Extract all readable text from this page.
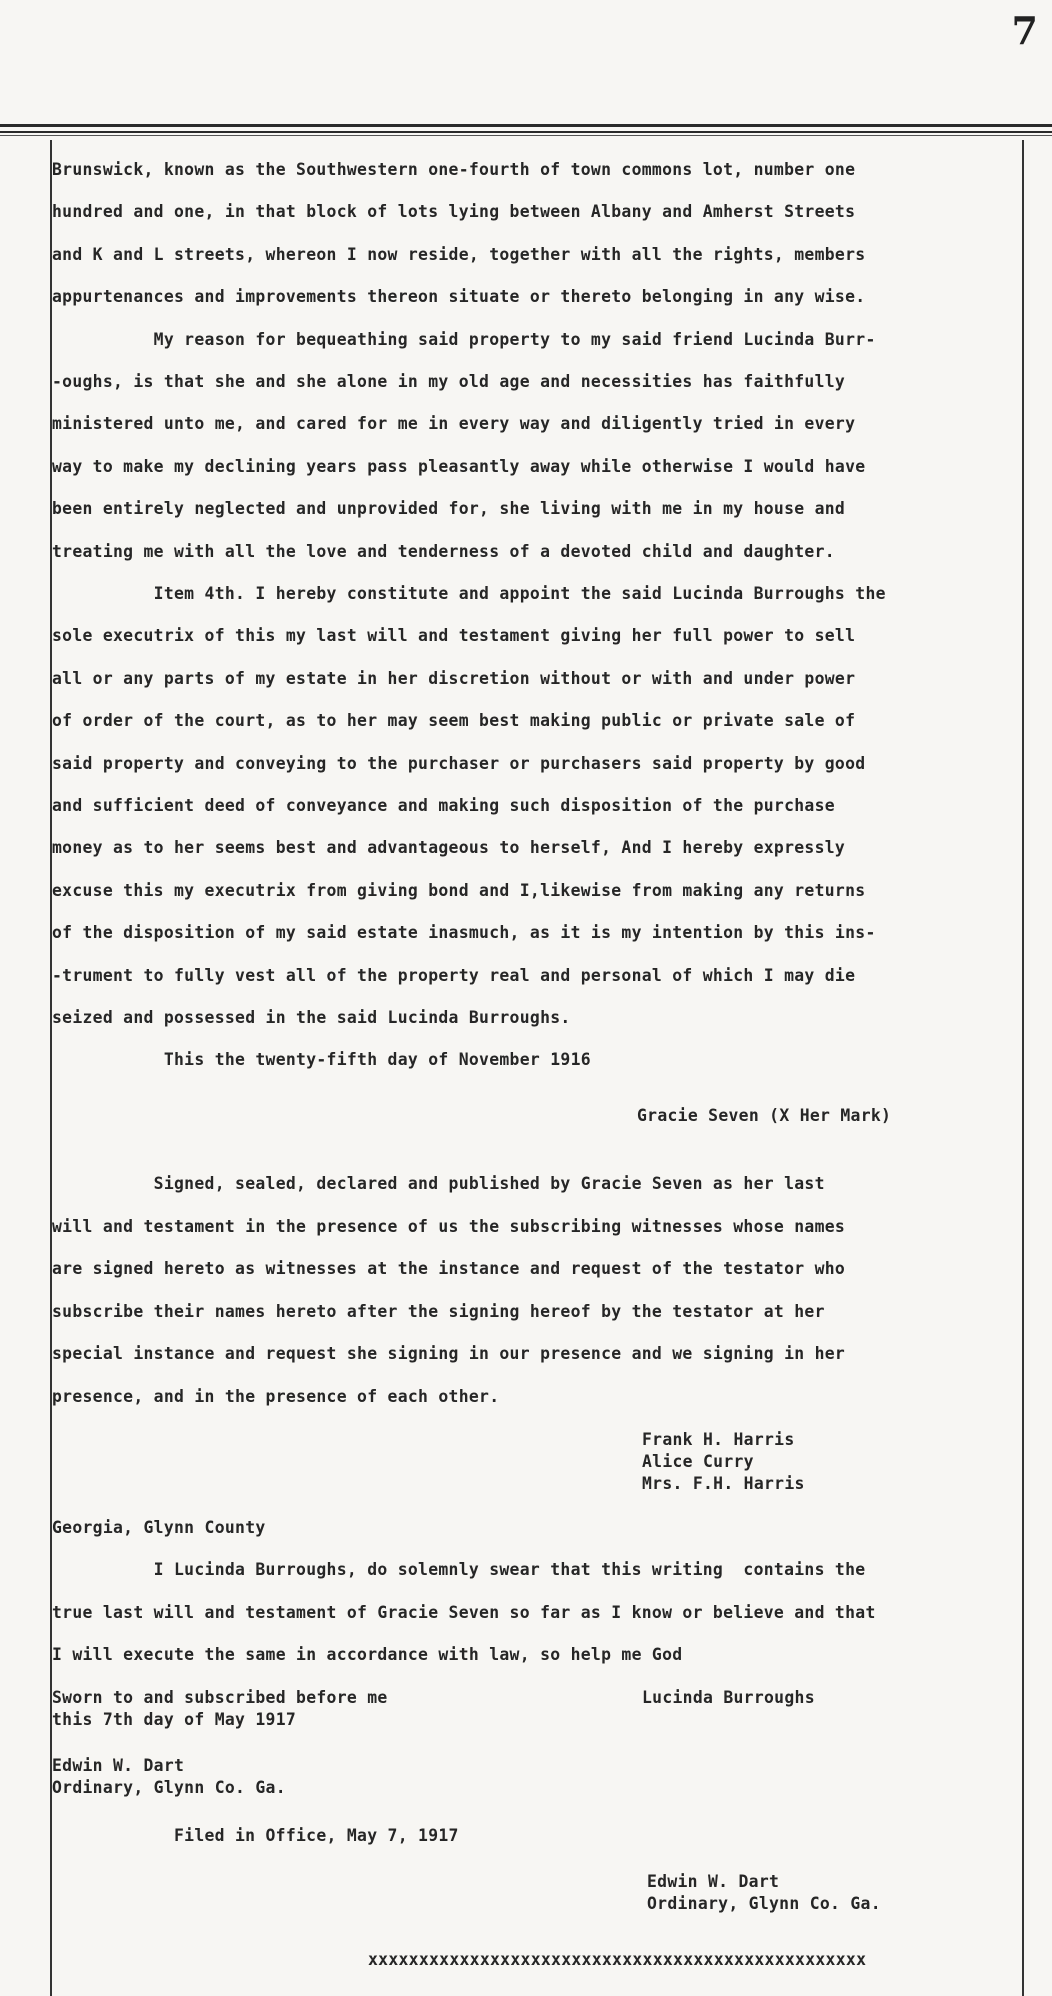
7
Brunswick, known as the Southwestern one-fourth of town commons lot, number one
hundred and one, in that block of lots lying between Albany and Amherst Streets
and K and L streets, whereon I now reside, together with all the rights, members
appurtenances and improvements thereon situate or thereto belonging in any wise.
My reason for bequeathing said property to my said friend Lucinda Burr-
-oughs, is that she and she alone in my old age and necessities has faithfully
ministered unto me, and cared for me in every way and diligently tried in every
way to make my declining years pass pleasantly away while otherwise I would have
been entirely neglected and unprovided for, she living with me in my house and
treating me with all the love and tenderness of a devoted child and daughter.
Item 4th. I hereby constitute and appoint the said Lucinda Burroughs the
sole executrix of this my last will and testament giving her full power to sell
all or any parts of my estate in her discretion without or with and under power
of order of the court, as to her may seem best making public or private sale of
said property and conveying to the purchaser or purchasers said property by good
and sufficient deed of conveyance and making such disposition of the purchase
money as to her seems best and advantageous to herself, And I hereby expressly
excuse this my executrix from giving bond and I,likewise from making any returns
of the disposition of my said estate inasmuch, as it is my intention by this ins-
-trument to fully vest all of the property real and personal of which I may die
seized and possessed in the said Lucinda Burroughs.
This the twenty-fifth day of November 1916
Gracie Seven (X Her Mark)
Signed, sealed, declared and published by Gracie Seven as her last
will and testament in the presence of us the subscribing witnesses whose names
are signed hereto as witnesses at the instance and request of the testator who
subscribe their names hereto after the signing hereof by the testator at her
special instance and request she signing in our presence and we signing in her
presence, and in the presence of each other.
Frank H. Harris
Alice Curry
Mrs. F.H. Harris
Georgia, Glynn County
I Lucinda Burroughs, do solemnly swear that this writing  contains the
true last will and testament of Gracie Seven so far as I know or believe and that
I will execute the same in accordance with law, so help me God
Sworn to and subscribed before me
this 7th day of May 1917
Lucinda Burroughs
Edwin W. Dart
Ordinary, Glynn Co. Ga.
Filed in Office, May 7, 1917
Edwin W. Dart
Ordinary, Glynn Co. Ga.
xxxxxxxxxxxxxxxxxxxxxxxxxxxxxxxxxxxxxxxxxxxxxxxxx
